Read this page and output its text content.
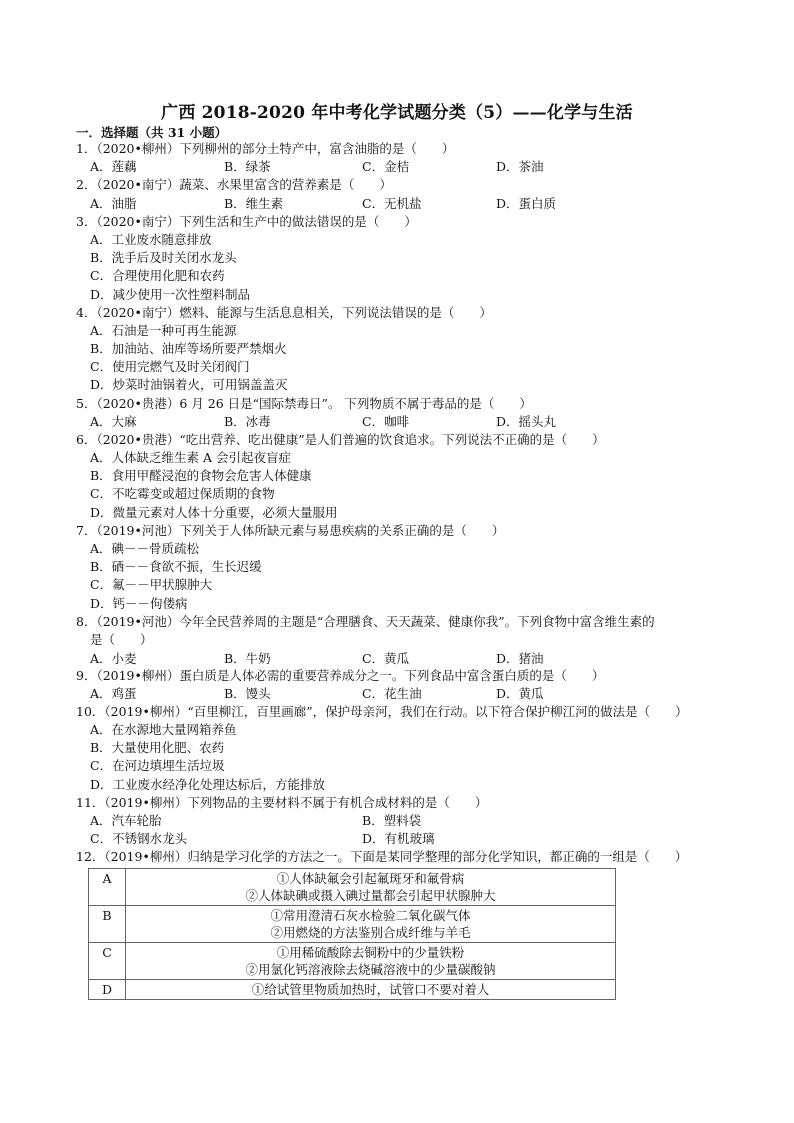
广西 2018-2020 年中考化学试题分类（5）——化学与生活
一．选择题（共 31 小题）
1．（2020•柳州）下列柳州的部分土特产中，富含油脂的是（　　）
A．莲藕	B．绿茶	C．金桔	D．茶油
2．（2020•南宁）蔬菜、水果里富含的营养素是（　　）
A．油脂	B．维生素	C．无机盐	D．蛋白质
3．（2020•南宁）下列生活和生产中的做法错误的是（　　）
A．工业废水随意排放
B．洗手后及时关闭水龙头
C．合理使用化肥和农药
D．减少使用一次性塑料制品
4．（2020•南宁）燃料、能源与生活息息相关，下列说法错误的是（　　）
A．石油是一种可再生能源
B．加油站、油库等场所要严禁烟火
C．使用完燃气及时关闭阀门
D．炒菜时油锅着火，可用锅盖盖灭
5．（2020•贵港）6 月 26 日是“国际禁毒日”。 下列物质不属于毒品的是（　　）
A．大麻	B．冰毒	C．咖啡	D．摇头丸
6．（2020•贵港）“吃出营养、吃出健康”是人们普遍的饮食追求。下列说法不正确的是（　　）
A．人体缺乏维生素 A 会引起夜盲症
B．食用甲醛浸泡的食物会危害人体健康
C．不吃霉变或超过保质期的食物
D．微量元素对人体十分重要，必须大量服用
7．（2019•河池）下列关于人体所缺元素与易患疾病的关系正确的是（　　）
A．碘－－骨质疏松
B．硒－－食欲不振，生长迟缓
C．氟－－甲状腺肿大
D．钙－－佝偻病
8．（2019•河池）今年全民营养周的主题是“合理膳食、天天蔬菜、健康你我”。下列食物中富含维生素的
是（　　）
A．小麦	B．牛奶	C．黄瓜	D．猪油
9．（2019•柳州）蛋白质是人体必需的重要营养成分之一。下列食品中富含蛋白质的是（　　）
A．鸡蛋	B．馒头	C．花生油	D．黄瓜
10．（2019•柳州）“百里柳江，百里画廊”，保护母亲河，我们在行动。以下符合保护柳江河的做法是（　　）
A．在水源地大量网箱养鱼
B．大量使用化肥、农药
C．在河边填埋生活垃圾
D．工业废水经净化处理达标后，方能排放
11．（2019•柳州）下列物品的主要材料不属于有机合成材料的是（　　）
A．汽车轮胎	B．塑料袋
C．不锈钢水龙头	D．有机玻璃
12．（2019•柳州）归纳是学习化学的方法之一。下面是某同学整理的部分化学知识，都正确的一组是（　　）
A	①人体缺氟会引起氟斑牙和氟骨病
②人体缺碘或摄入碘过量都会引起甲状腺肿大

B	①常用澄清石灰水检验二氧化碳气体
②用燃烧的方法鉴别合成纤维与羊毛

C	①用稀硫酸除去铜粉中的少量铁粉
②用氯化钙溶液除去烧碱溶液中的少量碳酸钠

D	①给试管里物质加热时，试管口不要对着人
